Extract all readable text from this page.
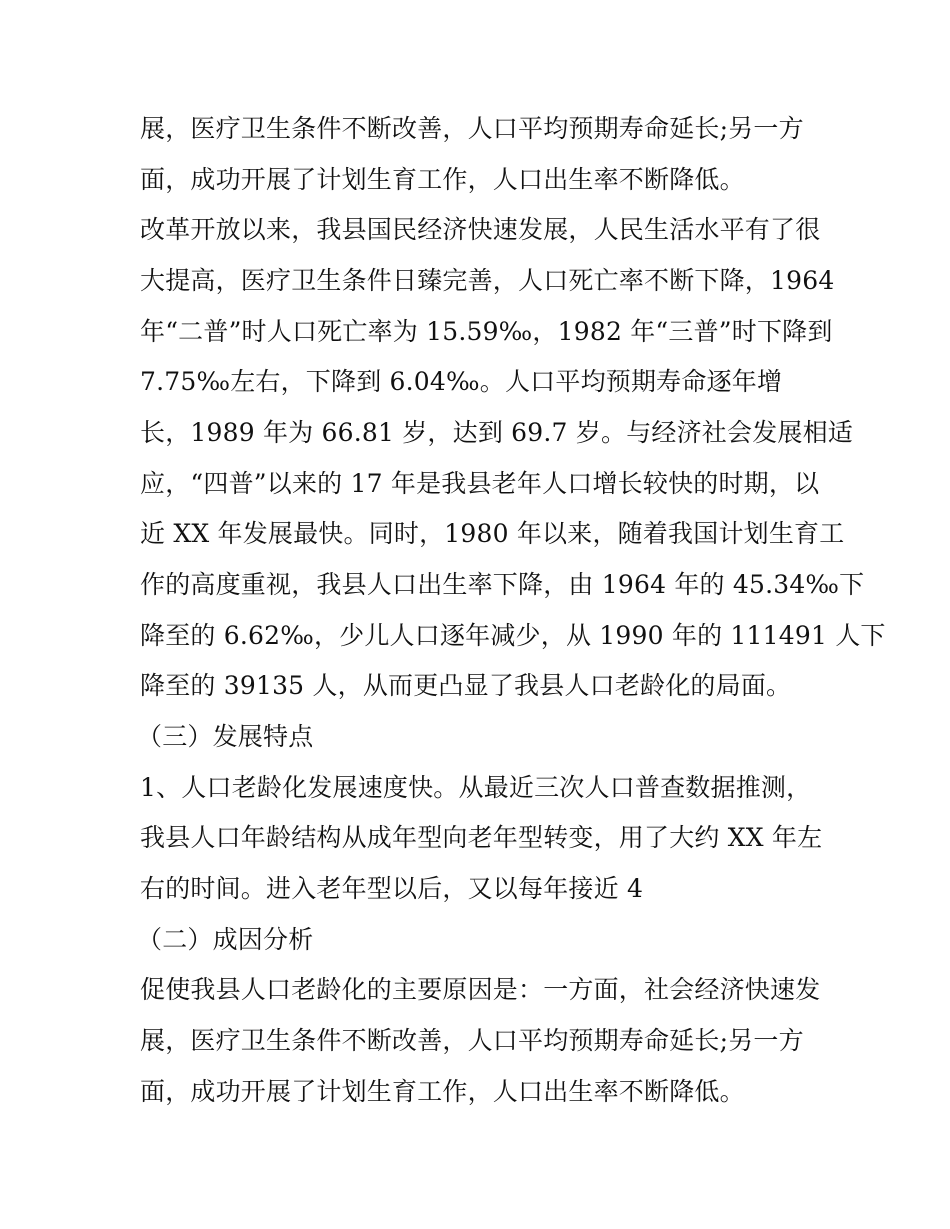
展，医疗卫生条件不断改善，人口平均预期寿命延长;另一方
面，成功开展了计划生育工作，人口出生率不断降低。
改革开放以来，我县国民经济快速发展，人民生活水平有了很
大提高，医疗卫生条件日臻完善，人口死亡率不断下降，1964
年“二普”时人口死亡率为 15.59‰，1982 年“三普”时下降到
7.75‰左右，下降到 6.04‰。人口平均预期寿命逐年增
长，1989 年为 66.81 岁，达到 69.7 岁。与经济社会发展相适
应，“四普”以来的 17 年是我县老年人口增长较快的时期，以
近 XX 年发展最快。同时，1980 年以来，随着我国计划生育工
作的高度重视，我县人口出生率下降，由 1964 年的 45.34‰下
降至的 6.62‰，少儿人口逐年减少，从 1990 年的 111491 人下
降至的 39135 人，从而更凸显了我县人口老龄化的局面。
（三）发展特点
1、人口老龄化发展速度快。从最近三次人口普查数据推测，
我县人口年龄结构从成年型向老年型转变，用了大约 XX 年左
右的时间。进入老年型以后，又以每年接近 4
（二）成因分析
促使我县人口老龄化的主要原因是：一方面，社会经济快速发
展，医疗卫生条件不断改善，人口平均预期寿命延长;另一方
面，成功开展了计划生育工作，人口出生率不断降低。
